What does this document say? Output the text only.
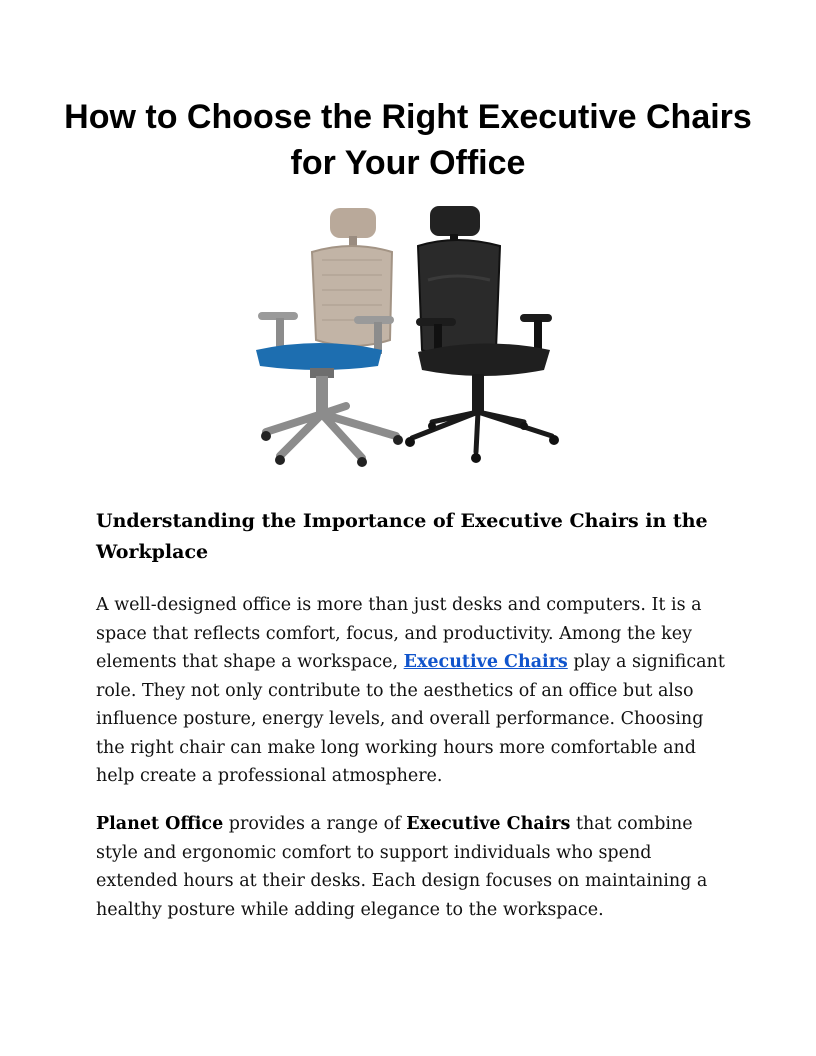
How to Choose the Right Executive Chairs for Your Office
Understanding the Importance of Executive Chairs in the Workplace

A well-designed office is more than just desks and computers. It is a space that reflects comfort, focus, and productivity. Among the key elements that shape a workspace, Executive Chairs play a significant role. They not only contribute to the aesthetics of an office but also influence posture, energy levels, and overall performance. Choosing the right chair can make long working hours more comfortable and help create a professional atmosphere.

Planet Office provides a range of Executive Chairs that combine style and ergonomic comfort to support individuals who spend extended hours at their desks. Each design focuses on maintaining a healthy posture while adding elegance to the workspace.
